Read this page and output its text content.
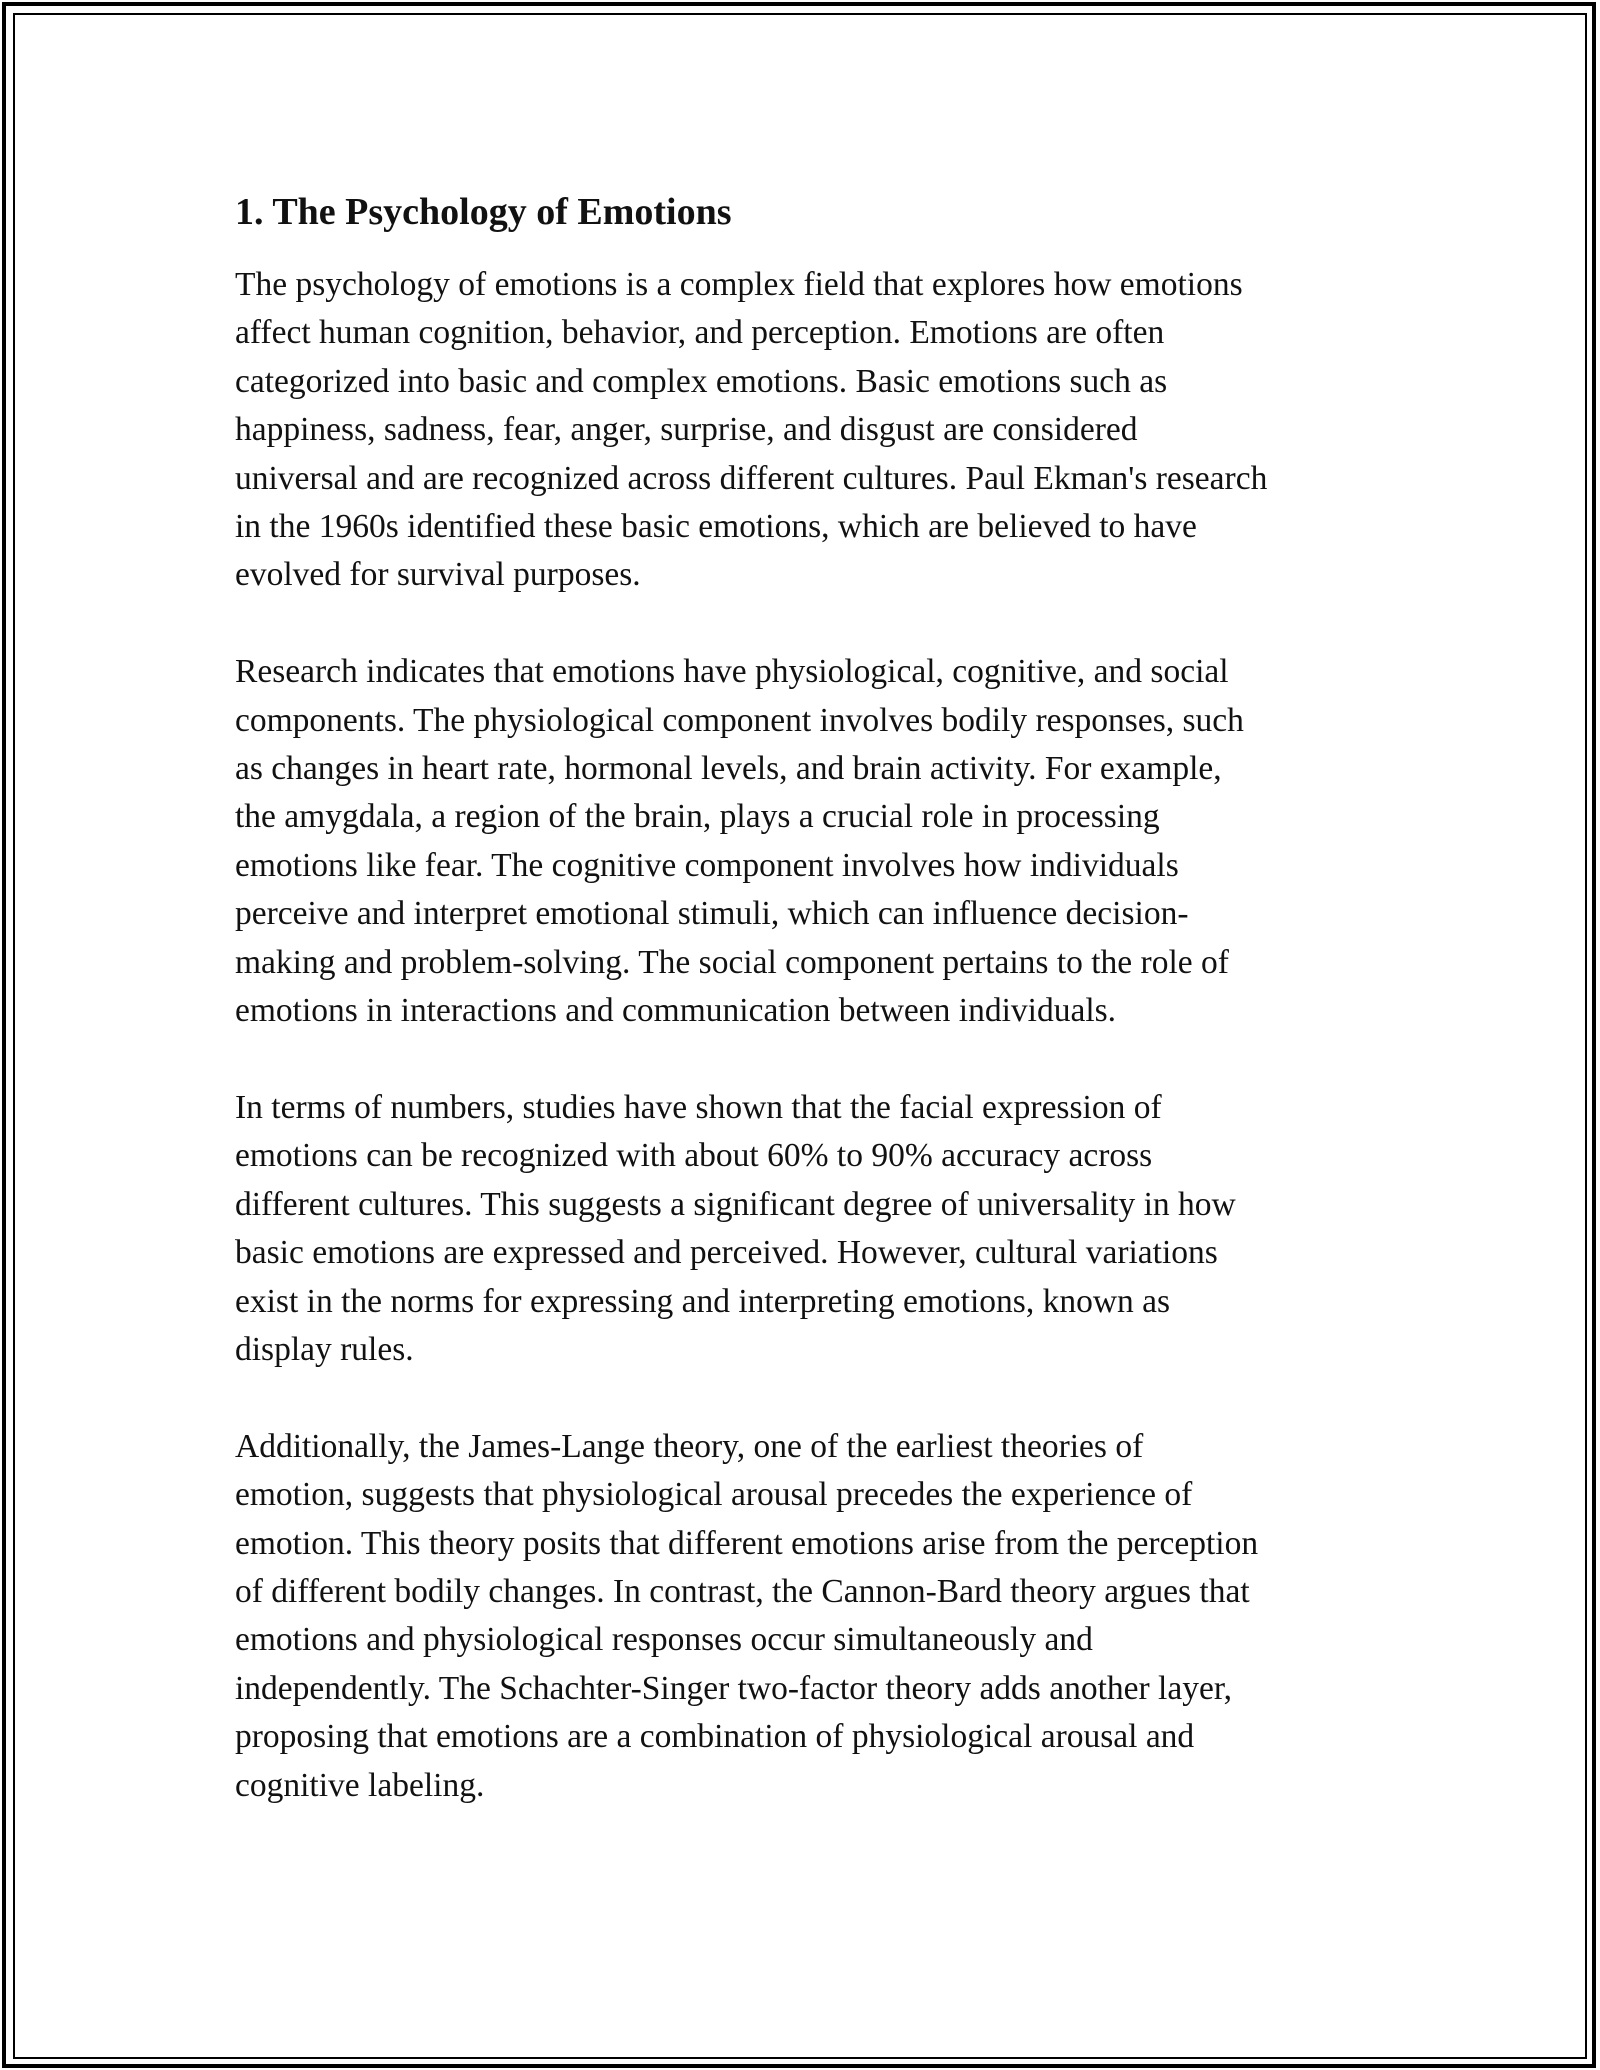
1. The Psychology of Emotions
The psychology of emotions is a complex field that explores how emotions
affect human cognition, behavior, and perception. Emotions are often
categorized into basic and complex emotions. Basic emotions such as
happiness, sadness, fear, anger, surprise, and disgust are considered
universal and are recognized across different cultures. Paul Ekman's research
in the 1960s identified these basic emotions, which are believed to have
evolved for survival purposes.
Research indicates that emotions have physiological, cognitive, and social
components. The physiological component involves bodily responses, such
as changes in heart rate, hormonal levels, and brain activity. For example,
the amygdala, a region of the brain, plays a crucial role in processing
emotions like fear. The cognitive component involves how individuals
perceive and interpret emotional stimuli, which can influence decision-
making and problem-solving. The social component pertains to the role of
emotions in interactions and communication between individuals.
In terms of numbers, studies have shown that the facial expression of
emotions can be recognized with about 60% to 90% accuracy across
different cultures. This suggests a significant degree of universality in how
basic emotions are expressed and perceived. However, cultural variations
exist in the norms for expressing and interpreting emotions, known as
display rules.
Additionally, the James-Lange theory, one of the earliest theories of
emotion, suggests that physiological arousal precedes the experience of
emotion. This theory posits that different emotions arise from the perception
of different bodily changes. In contrast, the Cannon-Bard theory argues that
emotions and physiological responses occur simultaneously and
independently. The Schachter-Singer two-factor theory adds another layer,
proposing that emotions are a combination of physiological arousal and
cognitive labeling.
